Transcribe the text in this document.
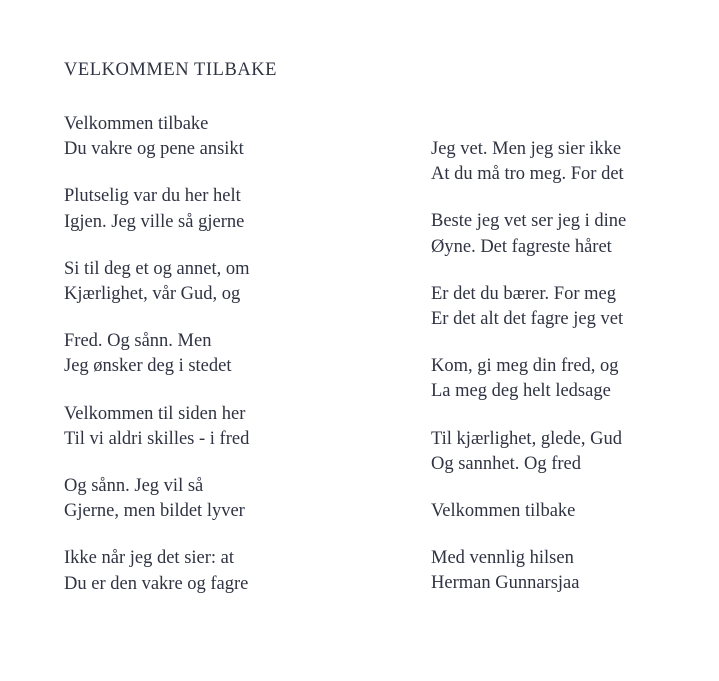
VELKOMMEN TILBAKE

Velkommen tilbake
Du vakre og pene ansikt

Plutselig var du her helt
Igjen. Jeg ville så gjerne

Si til deg et og annet, om
Kjærlighet, vår Gud, og

Fred. Og sånn. Men
Jeg ønsker deg i stedet

Velkommen til siden her
Til vi aldri skilles - i fred

Og sånn. Jeg vil så
Gjerne, men bildet lyver

Ikke når jeg det sier: at
Du er den vakre og fagre

Jeg vet. Men jeg sier ikke
At du må tro meg. For det

Beste jeg vet ser jeg i dine
Øyne. Det fagreste håret

Er det du bærer. For meg
Er det alt det fagre jeg vet

Kom, gi meg din fred, og
La meg deg helt ledsage

Til kjærlighet, glede, Gud
Og sannhet. Og fred

Velkommen tilbake

Med vennlig hilsen
Herman Gunnarsjaa
